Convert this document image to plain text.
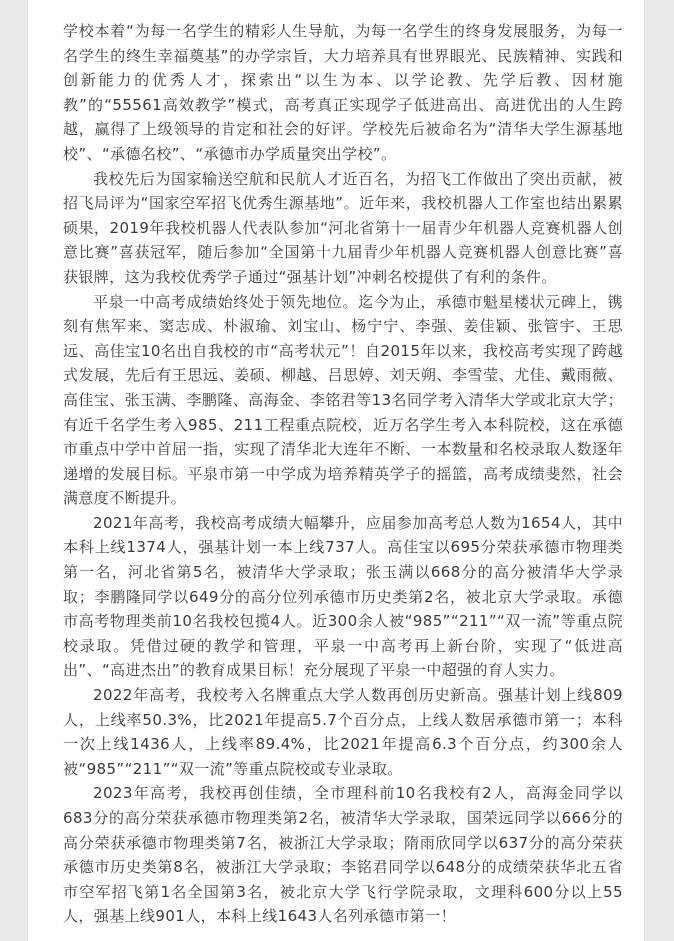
学校本着“为每一名学生的精彩人生导航，为每一名学生的终身发展服务，为每一名学生的终生幸福奠基”的办学宗旨，大力培养具有世界眼光、民族精神、实践和创新能力的优秀人才，探索出“以生为本、以学论教、先学后教、因材施教”的“55561高效教学”模式，高考真正实现学子低进高出、高进优出的人生跨越，赢得了上级领导的肯定和社会的好评。学校先后被命名为“清华大学生源基地校”、“承德名校”、“承德市办学质量突出学校”。

我校先后为国家输送空航和民航人才近百名，为招飞工作做出了突出贡献，被招飞局评为“国家空军招飞优秀生源基地”。近年来，我校机器人工作室也结出累累硕果，2019年我校机器人代表队参加“河北省第十一届青少年机器人竞赛机器人创意比赛”喜获冠军，随后参加“全国第十九届青少年机器人竞赛机器人创意比赛”喜获银牌，这为我校优秀学子通过“强基计划”冲刺名校提供了有利的条件。

平泉一中高考成绩始终处于领先地位。迄今为止，承德市魁星楼状元碑上，镌刻有焦军来、窦志成、朴淑瑜、刘宝山、杨宁宁、李强、姜佳颖、张管宇、王思远、高佳宝10名出自我校的市“高考状元”！自2015年以来，我校高考实现了跨越式发展，先后有王思远、姜硕、柳越、吕思婷、刘天朔、李雪莹、尤佳、戴雨薇、高佳宝、张玉满、李鹏隆、高海金、李铭君等13名同学考入清华大学或北京大学；有近千名学生考入985、211工程重点院校，近万名学生考入本科院校，这在承德市重点中学中首屈一指，实现了清华北大连年不断、一本数量和名校录取人数逐年递增的发展目标。平泉市第一中学成为培养精英学子的摇篮，高考成绩斐然，社会满意度不断提升。

2021年高考，我校高考成绩大幅攀升，应届参加高考总人数为1654人，其中本科上线1374人，强基计划一本上线737人。高佳宝以695分荣获承德市物理类第一名，河北省第5名，被清华大学录取；张玉满以668分的高分被清华大学录取；李鹏隆同学以649分的高分位列承德市历史类第2名，被北京大学录取。承德市高考物理类前10名我校包揽4人。近300余人被“985”“211”“双一流”等重点院校录取。凭借过硬的教学和管理，平泉一中高考再上新台阶，实现了“低进高出”、“高进杰出”的教育成果目标！充分展现了平泉一中超强的育人实力。

2022年高考，我校考入名牌重点大学人数再创历史新高。强基计划上线809人，上线率50.3%，比2021年提高5.7个百分点，上线人数居承德市第一；本科一次上线1436人，上线率89.4%，比2021年提高6.3个百分点，约300余人被“985”“211”“双一流”等重点院校或专业录取。

2023年高考，我校再创佳绩，全市理科前10名我校有2人，高海金同学以683分的高分荣获承德市物理类第2名，被清华大学录取，国荣远同学以666分的高分荣获承德市物理类第7名，被浙江大学录取；隋雨欣同学以637分的高分荣获承德市历史类第8名，被浙江大学录取；李铭君同学以648分的成绩荣获华北五省市空军招飞第1名全国第3名，被北京大学飞行学院录取，文理科600分以上55人，强基上线901人，本科上线1643人名列承德市第一！
